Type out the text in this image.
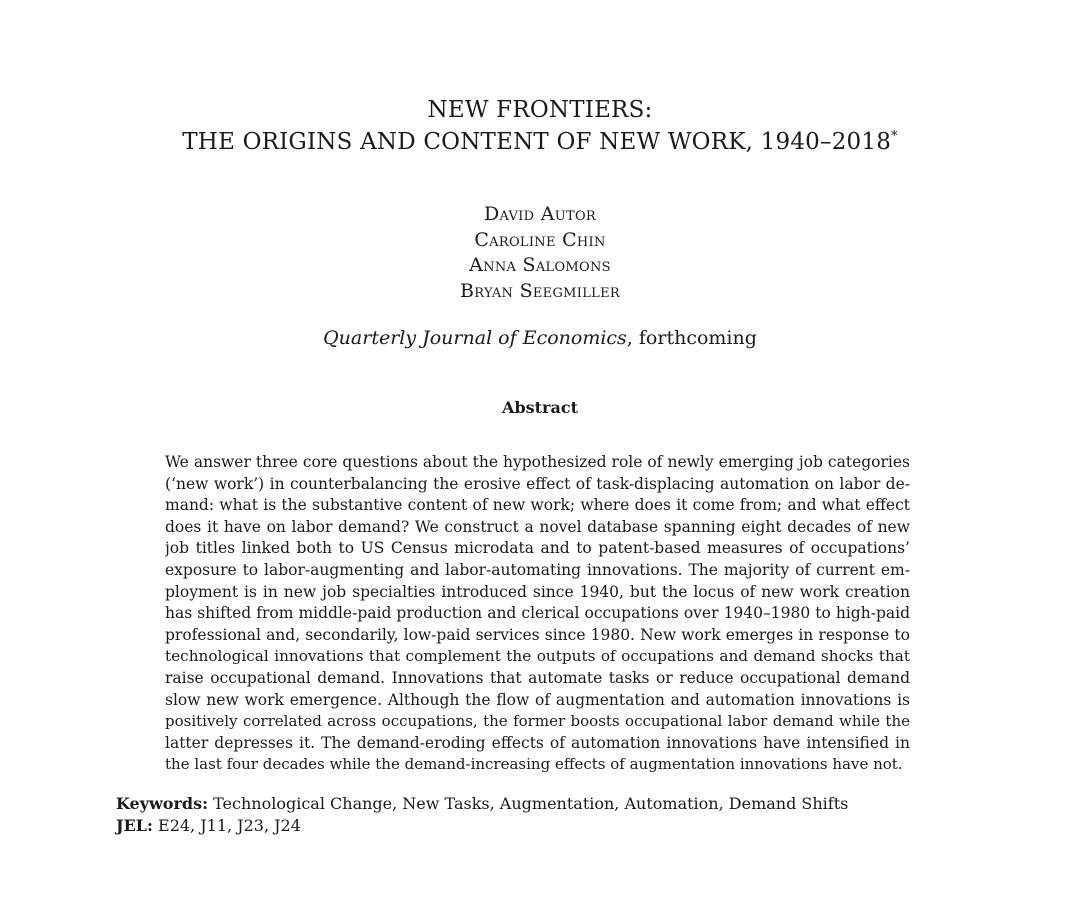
NEW FRONTIERS:
THE ORIGINS AND CONTENT OF NEW WORK, 1940–2018*
David Autor
Caroline Chin
Anna Salomons
Bryan Seegmiller
Quarterly Journal of Economics, forthcoming
Abstract
We answer three core questions about the hypothesized role of newly emerging job categories
(‘new work’) in counterbalancing the erosive effect of task-displacing automation on labor de-
mand: what is the substantive content of new work; where does it come from; and what effect
does it have on labor demand? We construct a novel database spanning eight decades of new
job titles linked both to US Census microdata and to patent-based measures of occupations’
exposure to labor-augmenting and labor-automating innovations. The majority of current em-
ployment is in new job specialties introduced since 1940, but the locus of new work creation
has shifted from middle-paid production and clerical occupations over 1940–1980 to high-paid
professional and, secondarily, low-paid services since 1980. New work emerges in response to
technological innovations that complement the outputs of occupations and demand shocks that
raise occupational demand. Innovations that automate tasks or reduce occupational demand
slow new work emergence. Although the flow of augmentation and automation innovations is
positively correlated across occupations, the former boosts occupational labor demand while the
latter depresses it. The demand-eroding effects of automation innovations have intensified in
the last four decades while the demand-increasing effects of augmentation innovations have not.
Keywords: Technological Change, New Tasks, Augmentation, Automation, Demand Shifts
JEL: E24, J11, J23, J24
